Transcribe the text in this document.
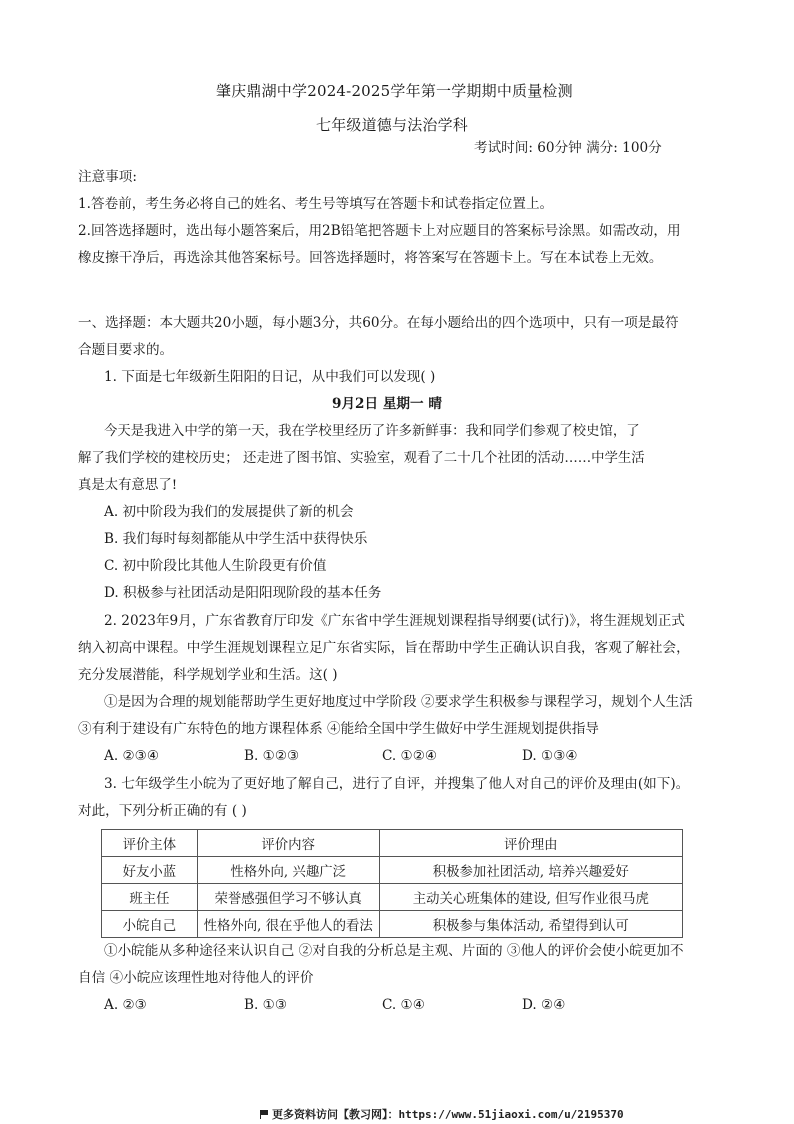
肇庆鼎湖中学2024-2025学年第一学期期中质量检测
七年级道德与法治学科
考试时间: 60分钟 满分: 100分
注意事项:
1.答卷前，考生务必将自己的姓名、考生号等填写在答题卡和试卷指定位置上。
2.回答选择题时，选出每小题答案后，用2B铅笔把答题卡上对应题目的答案标号涂黑。如需改动，用
橡皮擦干净后，再选涂其他答案标号。回答选择题时，将答案写在答题卡上。写在本试卷上无效。
一、选择题：本大题共20小题，每小题3分，共60分。在每小题给出的四个选项中，只有一项是最符
合题目要求的。
1. 下面是七年级新生阳阳的日记，从中我们可以发现( )
9月2日 星期一 晴
今天是我进入中学的第一天，我在学校里经历了许多新鲜事：我和同学们参观了校史馆，了
解了我们学校的建校历史； 还走进了图书馆、实验室，观看了二十几个社团的活动……中学生活
真是太有意思了!
A. 初中阶段为我们的发展提供了新的机会
B. 我们每时每刻都能从中学生活中获得快乐
C. 初中阶段比其他人生阶段更有价值
D. 积极参与社团活动是阳阳现阶段的基本任务
2. 2023年9月，广东省教育厅印发《广东省中学生涯规划课程指导纲要(试行)》，将生涯规划正式
纳入初高中课程。中学生涯规划课程立足广东省实际，旨在帮助中学生正确认识自我，客观了解社会，
充分发展潜能，科学规划学业和生活。这( )
①是因为合理的规划能帮助学生更好地度过中学阶段 ②要求学生积极参与课程学习，规划个人生活
③有利于建设有广东特色的地方课程体系 ④能给全国中学生做好中学生涯规划提供指导
A. ②③④	B. ①②③	C. ①②④	D. ①③④
3. 七年级学生小皖为了更好地了解自己，进行了自评，并搜集了他人对自己的评价及理由(如下)。
对此，下列分析正确的有 ( )
评价主体	评价内容	评价理由
好友小蓝	性格外向, 兴趣广泛	积极参加社团活动, 培养兴趣爱好
班主任	荣誉感强但学习不够认真	主动关心班集体的建设, 但写作业很马虎
小皖自己	性格外向, 很在乎他人的看法	积极参与集体活动, 希望得到认可
①小皖能从多种途径来认识自己 ②对自我的分析总是主观、片面的 ③他人的评价会使小皖更加不
自信 ④小皖应该理性地对待他人的评价
A. ②③	B. ①③	C. ①④	D. ②④
更多资料访问【教习网】：https://www.51jiaoxi.com/u/2195370
